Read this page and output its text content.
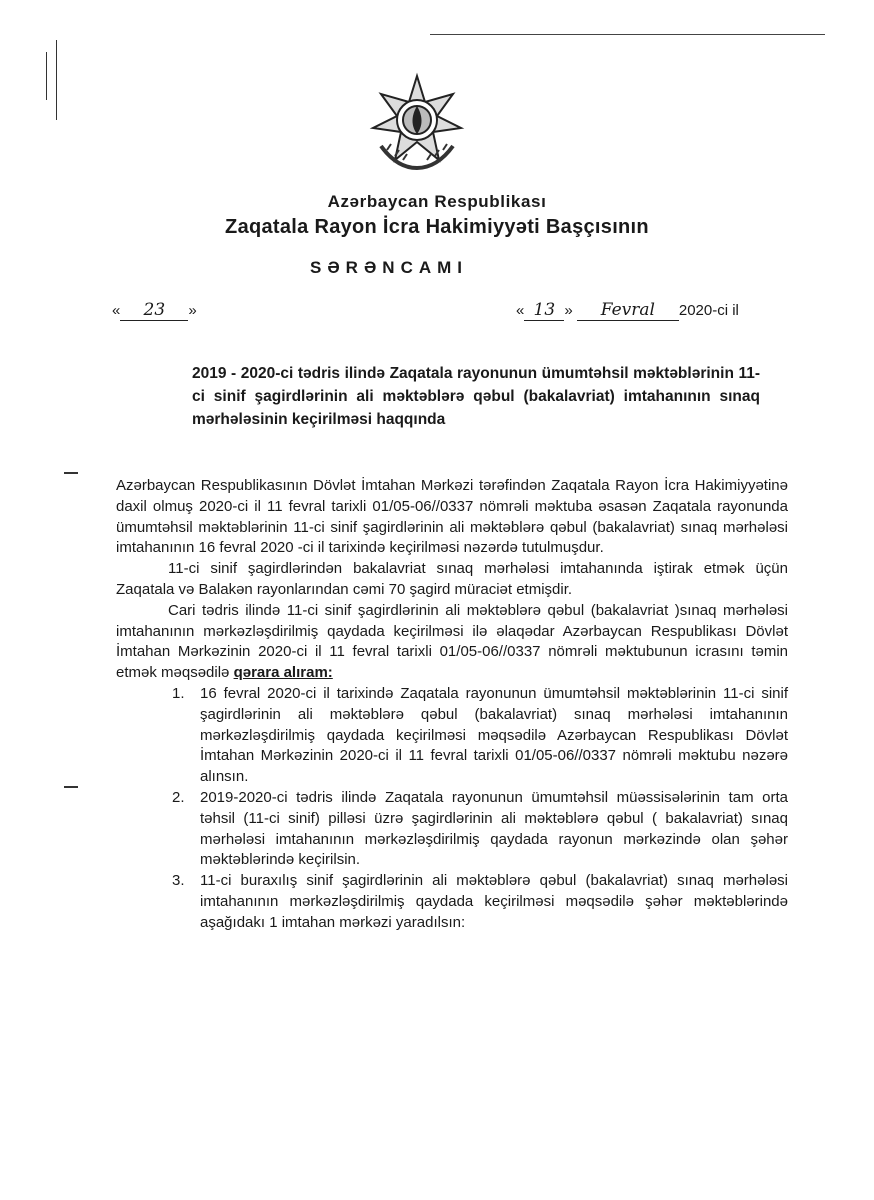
Azərbaycan Respublikası
Zaqatala Rayon İcra Hakimiyyəti Başçısının
SƏRƏNCAMI
« 23 »	« 13 » Fevral 2020-ci il
2019 - 2020-ci tədris ilində Zaqatala rayonunun ümumtəhsil məktəblərinin 11-ci sinif şagirdlərinin ali məktəblərə qəbul (bakalavriat) imtahanının sınaq mərhələsinin keçirilməsi haqqında

Azərbaycan Respublikasının Dövlət İmtahan Mərkəzi tərəfindən Zaqatala Rayon İcra Hakimiyyətinə daxil olmuş 2020-ci il 11 fevral tarixli 01/05-06//0337 nömrəli məktuba əsasən Zaqatala rayonunda ümumtəhsil məktəblərinin 11-ci sinif şagirdlərinin ali məktəblərə qəbul (bakalavriat) sınaq mərhələsi imtahanının 16 fevral 2020 -ci il tarixində keçirilməsi nəzərdə tutulmuşdur.

11-ci sinif şagirdlərindən bakalavriat sınaq mərhələsi imtahanında iştirak etmək üçün Zaqatala və Balakən rayonlarından cəmi 70 şagird müraciət etmişdir.

Cari tədris ilində 11-ci sinif şagirdlərinin ali məktəblərə qəbul (bakalavriat )sınaq mərhələsi imtahanının mərkəzləşdirilmiş qaydada keçirilməsi ilə əlaqədar Azərbaycan Respublikası Dövlət İmtahan Mərkəzinin 2020-ci il 11 fevral tarixli 01/05-06//0337 nömrəli məktubunun icrasını təmin etmək məqsədilə qərara alıram:

1. 16 fevral 2020-ci il tarixində Zaqatala rayonunun ümumtəhsil məktəblərinin 11-ci sinif şagirdlərinin ali məktəblərə qəbul (bakalavriat) sınaq mərhələsi imtahanının mərkəzləşdirilmiş qaydada keçirilməsi məqsədilə Azərbaycan Respublikası Dövlət İmtahan Mərkəzinin 2020-ci il 11 fevral tarixli 01/05-06//0337 nömrəli məktubu nəzərə alınsın.
2. 2019-2020-ci tədris ilində Zaqatala rayonunun ümumtəhsil müəssisələrinin tam orta təhsil (11-ci sinif) pilləsi üzrə şagirdlərinin ali məktəblərə qəbul ( bakalavriat) sınaq mərhələsi imtahanının mərkəzləşdirilmiş qaydada rayonun mərkəzində olan şəhər məktəblərində keçirilsin.
3. 11-ci buraxılış sinif şagirdlərinin ali məktəblərə qəbul (bakalavriat) sınaq mərhələsi imtahanının mərkəzləşdirilmiş qaydada keçirilməsi məqsədilə şəhər məktəblərində aşağıdakı 1 imtahan mərkəzi yaradılsın:
